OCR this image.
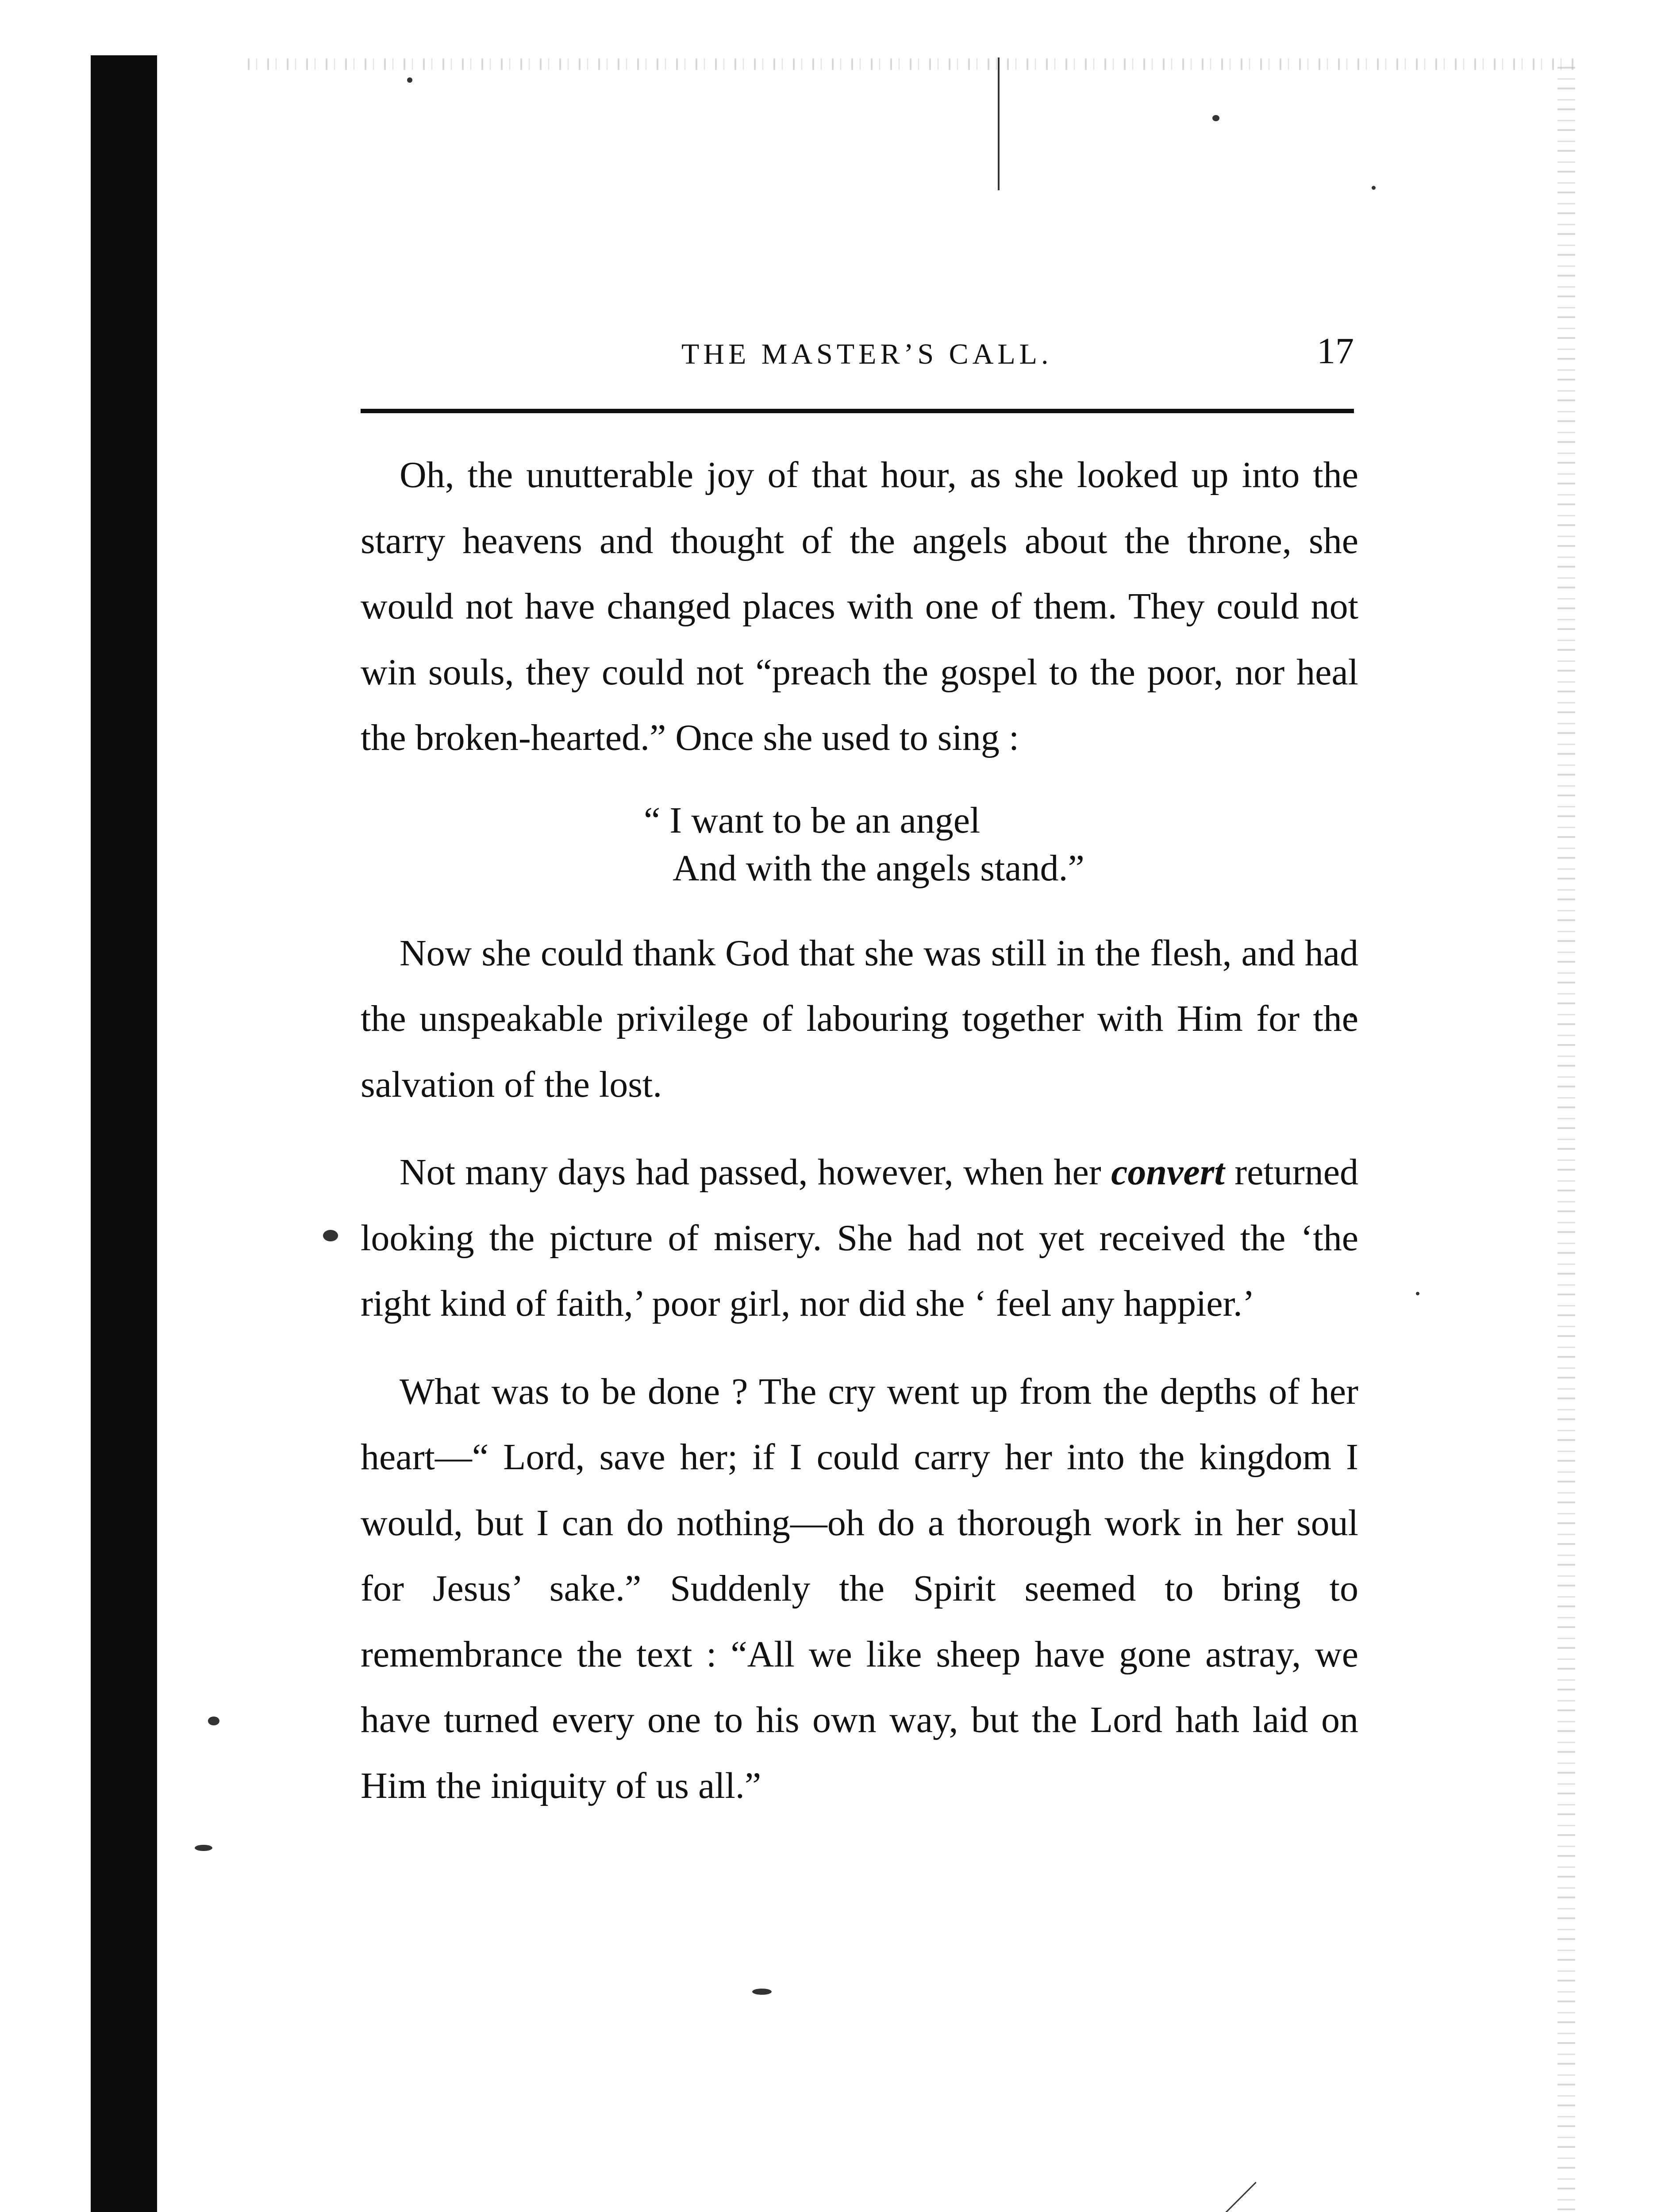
THE MASTER’S CALL.	17

Oh, the unutterable joy of that hour, as she looked up into the starry heavens and thought of the angels about the throne, she would not have changed places with one of them. They could not win souls, they could not “preach the gospel to the poor, nor heal the broken-hearted.” Once she used to sing :

“ I want to be an angel
And with the angels stand.”

Now she could thank God that she was still in the flesh, and had the unspeakable privilege of labouring together with Him for the salvation of the lost.

Not many days had passed, however, when her convert returned looking the picture of misery. She had not yet received the ‘the right kind of faith,’ poor girl, nor did she ‘ feel any happier.’

What was to be done ? The cry went up from the depths of her heart—“ Lord, save her; if I could carry her into the kingdom I would, but I can do nothing—oh do a thorough work in her soul for Jesus’ sake.” Suddenly the Spirit seemed to bring to remembrance the text : “All we like sheep have gone astray, we have turned every one to his own way, but the Lord hath laid on Him the iniquity of us all.”
